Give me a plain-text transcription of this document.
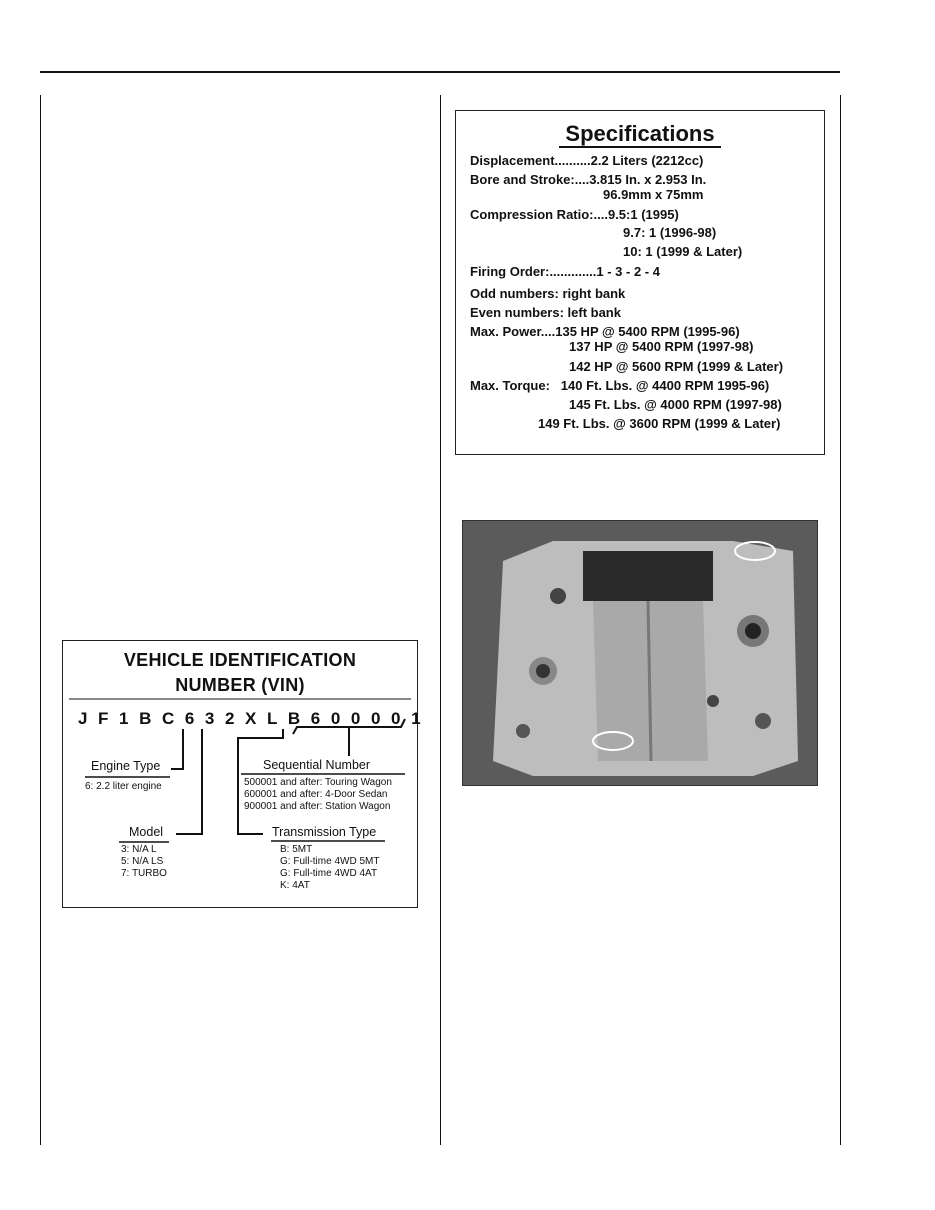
Specifications
Displacement..........2.2 Liters (2212cc)
Bore and Stroke:....3.815 In. x 2.953 In.
96.9mm x 75mm
Compression Ratio:....9.5:1 (1995)
9.7: 1 (1996-98)
10: 1 (1999 & Later)
Firing Order:.............1 - 3 - 2 - 4
Odd numbers: right bank
Even numbers: left bank
Max. Power....135 HP @ 5400 RPM (1995-96)
137 HP @ 5400 RPM (1997-98)
142 HP @ 5600 RPM (1999 & Later)
Max. Torque:   140 Ft. Lbs. @ 4400 RPM 1995-96)
145 Ft. Lbs. @ 4000 RPM (1997-98)
149 Ft. Lbs. @ 3600 RPM (1999 & Later)
VEHICLE IDENTIFICATION
NUMBER (VIN)
JF1BC632XLB600001
Engine Type
6: 2.2 liter engine
Model
3: N/A L
5: N/A LS
7: TURBO
Sequential Number
500001 and after: Touring Wagon
600001 and after: 4-Door Sedan
900001 and after: Station Wagon
Transmission Type
B: 5MT
G: Full-time 4WD 5MT
G: Full-time 4WD 4AT
K: 4AT
